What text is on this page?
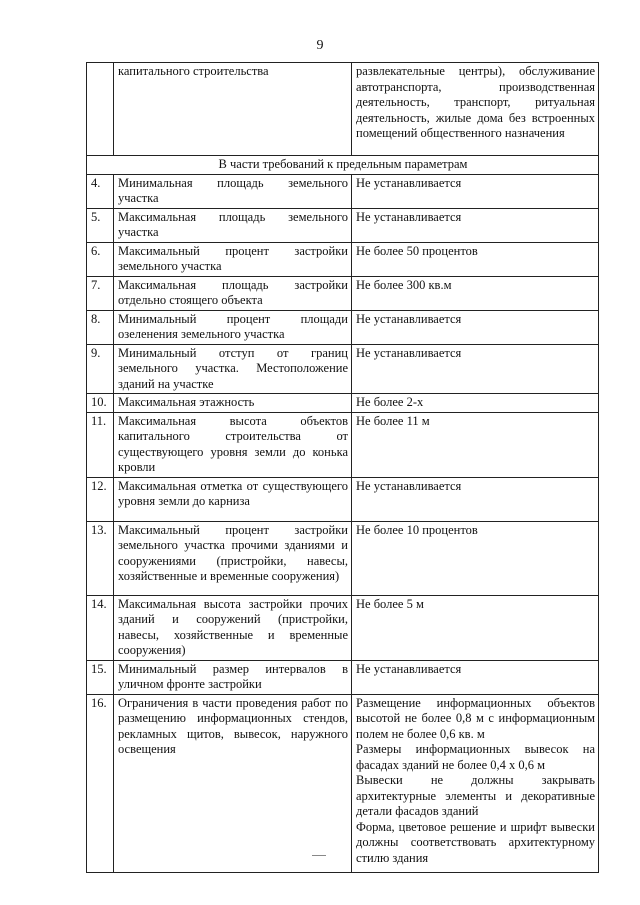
9
	капитального строительства	развлекательные центры), обслуживание автотранспорта, производственная деятельность, транспорт, ритуальная деятельность, жилые дома без встроенных помещений общественного назначения
В части требований к предельным параметрам		
4.	Минимальная площадь земельного участка	Не устанавливается
5.	Максимальная площадь земельного участка	Не устанавливается
6.	Максимальный процент застройки земельного участка	Не более 50 процентов
7.	Максимальная площадь застройки отдельно стоящего объекта	Не более 300 кв.м
8.	Минимальный процент площади озеленения земельного участка	Не устанавливается
9.	Минимальный отступ от границ земельного участка. Местоположение зданий на участке	Не устанавливается
10.	Максимальная этажность	Не более 2-х
11.	Максимальная высота объектов капитального строительства от существующего уровня земли до конька кровли	Не более 11 м
12.	Максимальная отметка от существующего уровня земли до карниза	Не устанавливается
13.	Максимальный процент застройки земельного участка прочими зданиями и сооружениями (пристройки, навесы, хозяйственные и временные сооружения)	Не более 10 процентов
14.	Максимальная высота застройки прочих зданий и сооружений (пристройки, навесы, хозяйственные и временные сооружения)	Не более 5 м
15.	Минимальный размер интервалов в уличном фронте застройки	Не устанавливается
16.	Ограничения в части проведения работ по размещению информационных стендов, рекламных щитов, вывесок, наружного освещения	Размещение информационных объектов высотой не более 0,8 м с информационным полем не более 0,6 кв. м
Размеры информационных вывесок на фасадах зданий не более 0,4 х 0,6 м
Вывески не должны закрывать архитектурные элементы и декоративные детали фасадов зданий
Форма, цветовое решение и шрифт вывески должны соответствовать архитектурному стилю здания
